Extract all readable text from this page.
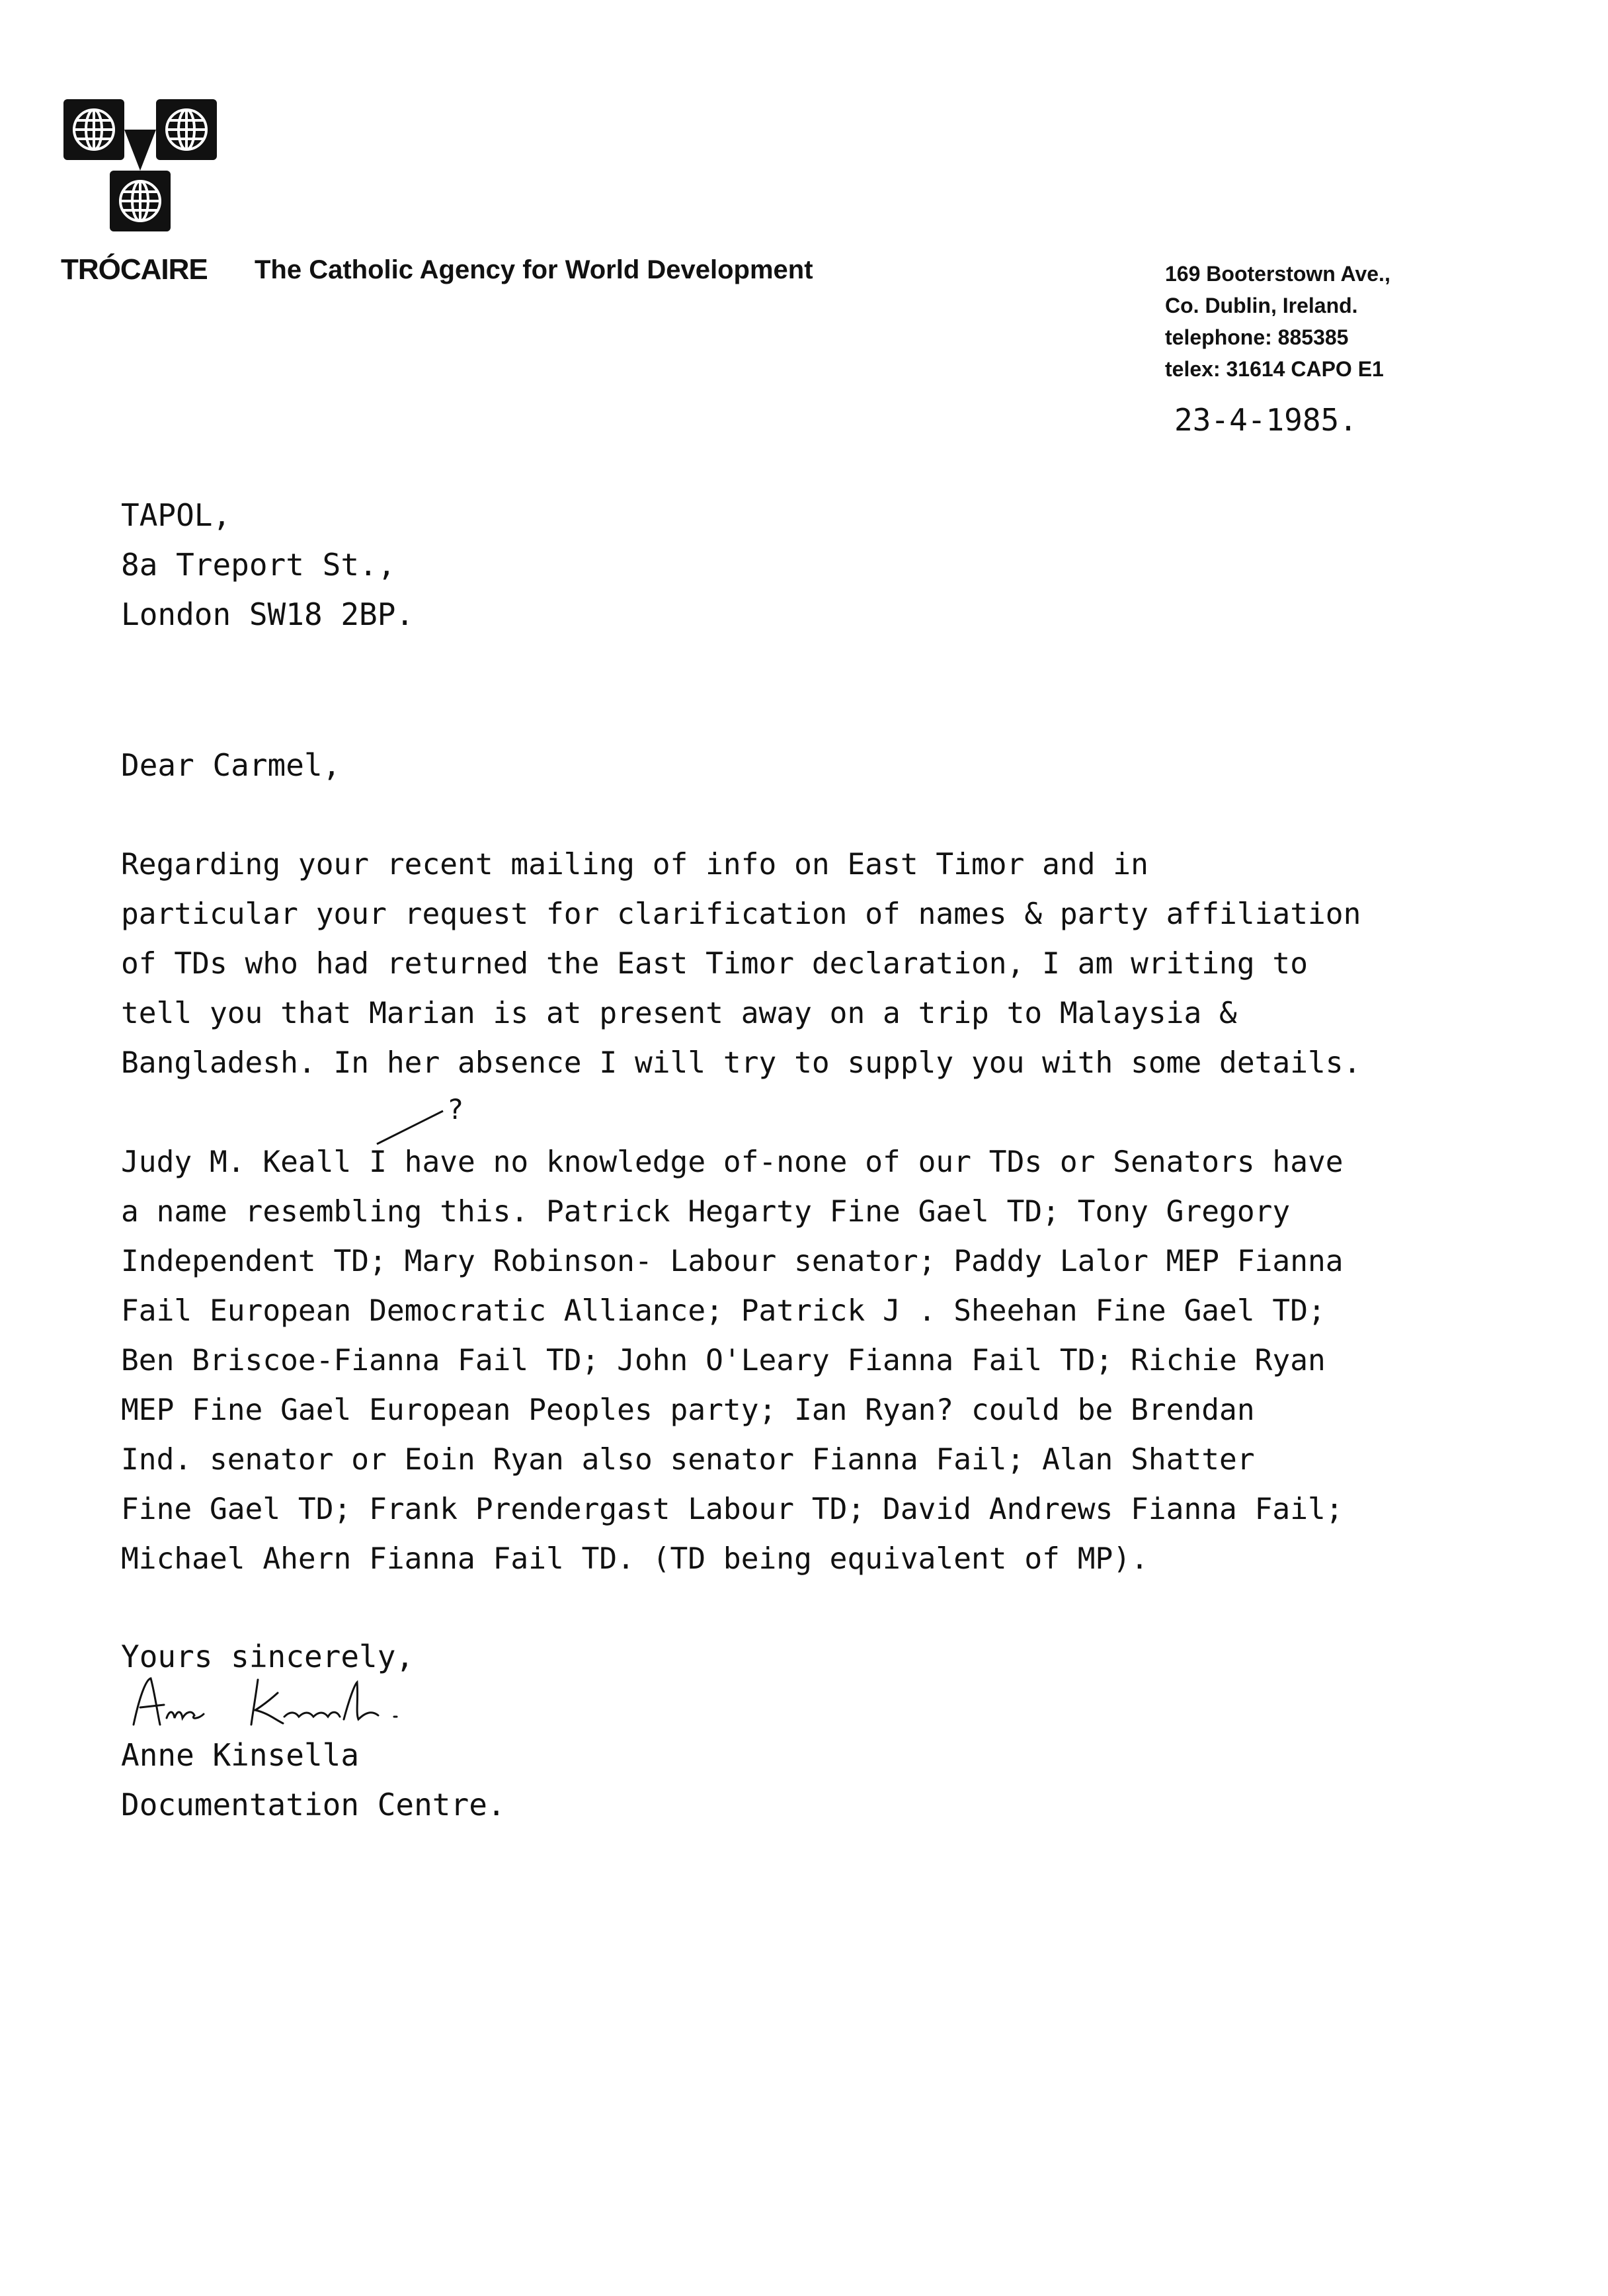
TRÓCAIRE The Catholic Agency for World Development	169 Booterstown Ave.,
Co. Dublin, Ireland.
telephone: 885385
telex: 31614 CAPO E1
23-4-1985.
TAPOL,
8a Treport St.,
London SW18 2BP.
Dear Carmel,
Regarding your recent mailing of info on East Timor and in
particular your request for clarification of names & party affiliation
of TDs who had returned the East Timor declaration, I am writing to
tell you that Marian is at present away on a trip to Malaysia &
Bangladesh. In her absence I will try to supply you with some details.
?
Judy M. Keall I have no knowledge of-none of our TDs or Senators have
a name resembling this. Patrick Hegarty Fine Gael TD; Tony Gregory
Independent TD; Mary Robinson- Labour senator; Paddy Lalor MEP Fianna
Fail European Democratic Alliance; Patrick J . Sheehan Fine Gael TD;
Ben Briscoe-Fianna Fail TD; John O'Leary Fianna Fail TD; Richie Ryan
MEP Fine Gael European Peoples party; Ian Ryan? could be Brendan
Ind. senator or Eoin Ryan also senator Fianna Fail; Alan Shatter
Fine Gael TD; Frank Prendergast Labour TD; David Andrews Fianna Fail;
Michael Ahern Fianna Fail TD. (TD being equivalent of MP).
Yours sincerely,
Anne Kinsella
Documentation Centre.
